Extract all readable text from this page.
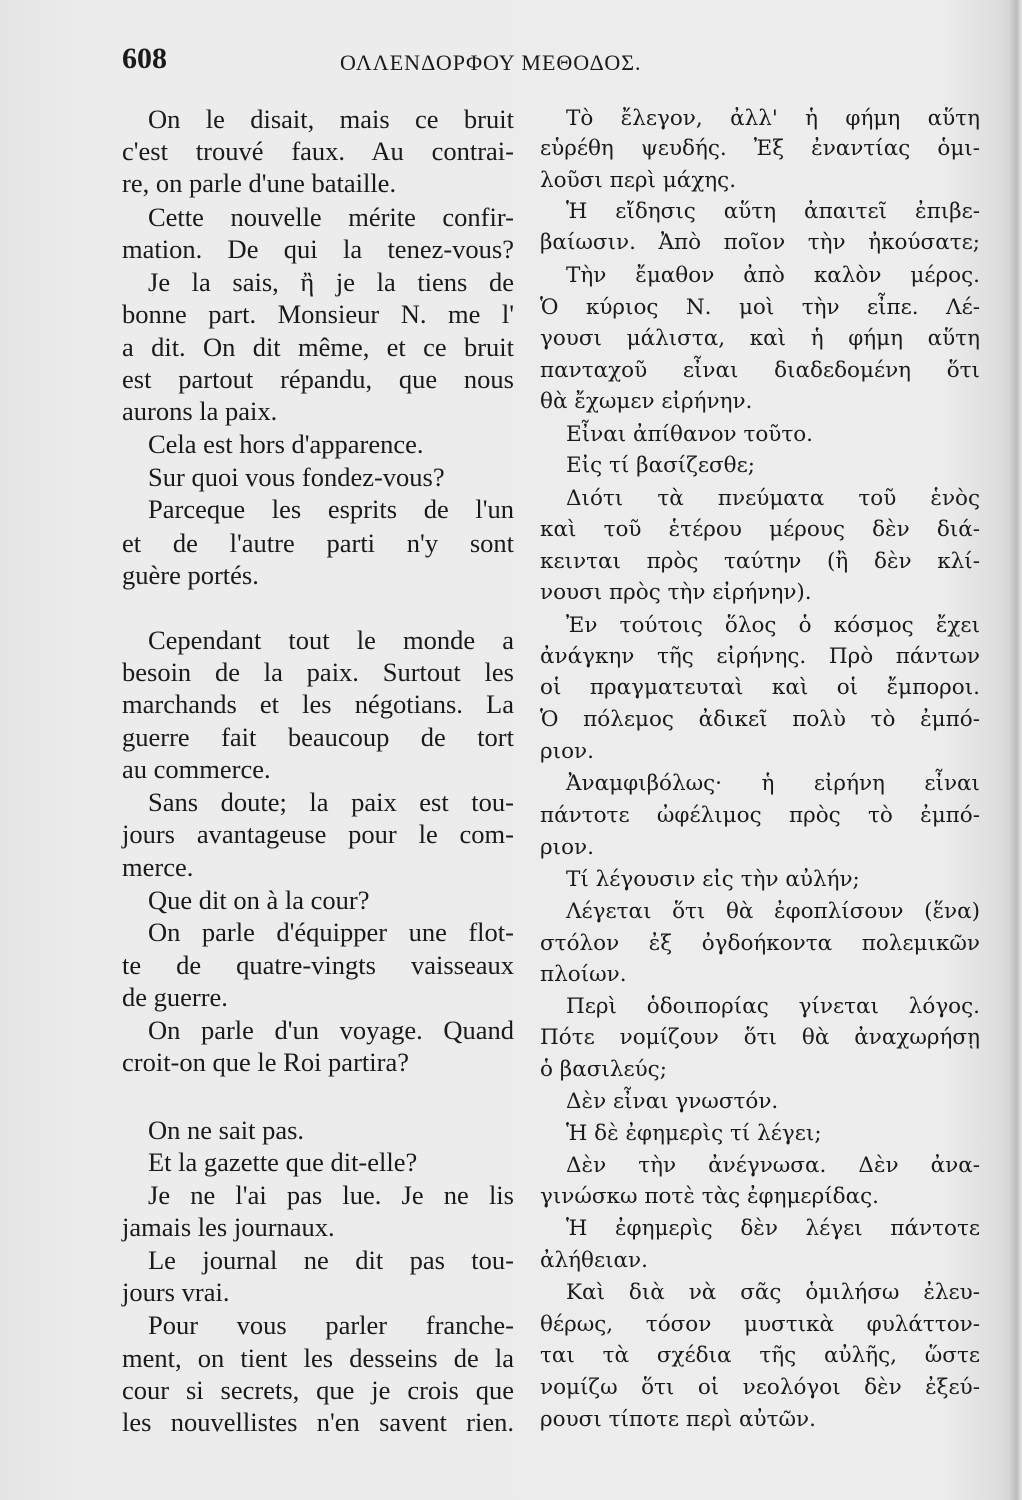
608	ΟΛΛΕΝΔΟΡΦΟΥ ΜΕΘΟΔΟΣ.
On le disait, mais ce bruit
c'est trouvé faux. Au contrai-
re, on parle d'une bataille.
Cette nouvelle mérite confir-
mation. De qui la tenez-vous?
Je la sais, ἢ je la tiens de
bonne part. Monsieur N. me l'
a dit. On dit même, et ce bruit
est partout répandu, que nous
aurons la paix.
Cela est hors d'apparence.
Sur quoi vous fondez-vous?
Parceque les esprits de l'un
et de l'autre parti n'y sont
guère portés.
Cependant tout le monde a
besoin de la paix. Surtout les
marchands et les négotians. La
guerre fait beaucoup de tort
au commerce.
Sans doute; la paix est tou-
jours avantageuse pour le com-
merce.
Que dit on à la cour?
On parle d'équipper une flot-
te de quatre-vingts vaisseaux
de guerre.
On parle d'un voyage. Quand
croit-on que le Roi partira?
On ne sait pas.
Et la gazette que dit-elle?
Je ne l'ai pas lue. Je ne lis
jamais les journaux.
Le journal ne dit pas tou-
jours vrai.
Pour vous parler franche-
ment, on tient les desseins de la
cour si secrets, que je crois que
les nouvellistes n'en savent rien.
Τὸ ἔλεγον, ἀλλ' ἡ φήμη αὕτη
εὑρέθη ψευδής. Ἐξ ἐναντίας ὁμι-
λοῦσι περὶ μάχης.
Ἡ εἴδησις αὕτη ἀπαιτεῖ ἐπιβε-
βαίωσιν. Ἀπὸ ποῖον τὴν ἠκούσατε;
Τὴν ἔμαθον ἀπὸ καλὸν μέρος.
Ὁ κύριος Ν. μοὶ τὴν εἶπε. Λέ-
γουσι μάλιστα, καὶ ἡ φήμη αὕτη
πανταχοῦ εἶναι διαδεδομένη ὅτι
θὰ ἔχωμεν εἰρήνην.
Εἶναι ἀπίθανον τοῦτο.
Εἰς τί βασίζεσθε;
Διότι τὰ πνεύματα τοῦ ἑνὸς
καὶ τοῦ ἑτέρου μέρους δὲν διά-
κεινται πρὸς ταύτην (ἢ δὲν κλί-
νουσι πρὸς τὴν εἰρήνην).
Ἐν τούτοις ὅλος ὁ κόσμος ἔχει
ἀνάγκην τῆς εἰρήνης. Πρὸ πάντων
οἱ πραγματευταὶ καὶ οἱ ἔμποροι.
Ὁ πόλεμος ἀδικεῖ πολὺ τὸ ἐμπό-
ριον.
Ἀναμφιβόλως· ἡ εἰρήνη εἶναι
πάντοτε ὠφέλιμος πρὸς τὸ ἐμπό-
ριον.
Τί λέγουσιν εἰς τὴν αὐλήν;
Λέγεται ὅτι θὰ ἐφοπλίσουν (ἕνα)
στόλον ἐξ ὀγδοήκοντα πολεμικῶν
πλοίων.
Περὶ ὁδοιπορίας γίνεται λόγος.
Πότε νομίζουν ὅτι θὰ ἀναχωρήσῃ
ὁ βασιλεύς;
Δὲν εἶναι γνωστόν.
Ἡ δὲ ἐφημερὶς τί λέγει;
Δὲν τὴν ἀνέγνωσα. Δὲν ἀνα-
γινώσκω ποτὲ τὰς ἐφημερίδας.
Ἡ ἐφημερὶς δὲν λέγει πάντοτε
ἀλήθειαν.
Καὶ διὰ νὰ σᾶς ὁμιλήσω ἐλευ-
θέρως, τόσον μυστικὰ φυλάττον-
ται τὰ σχέδια τῆς αὐλῆς, ὥστε
νομίζω ὅτι οἱ νεολόγοι δὲν ἐξεύ-
ρουσι τίποτε περὶ αὐτῶν.
